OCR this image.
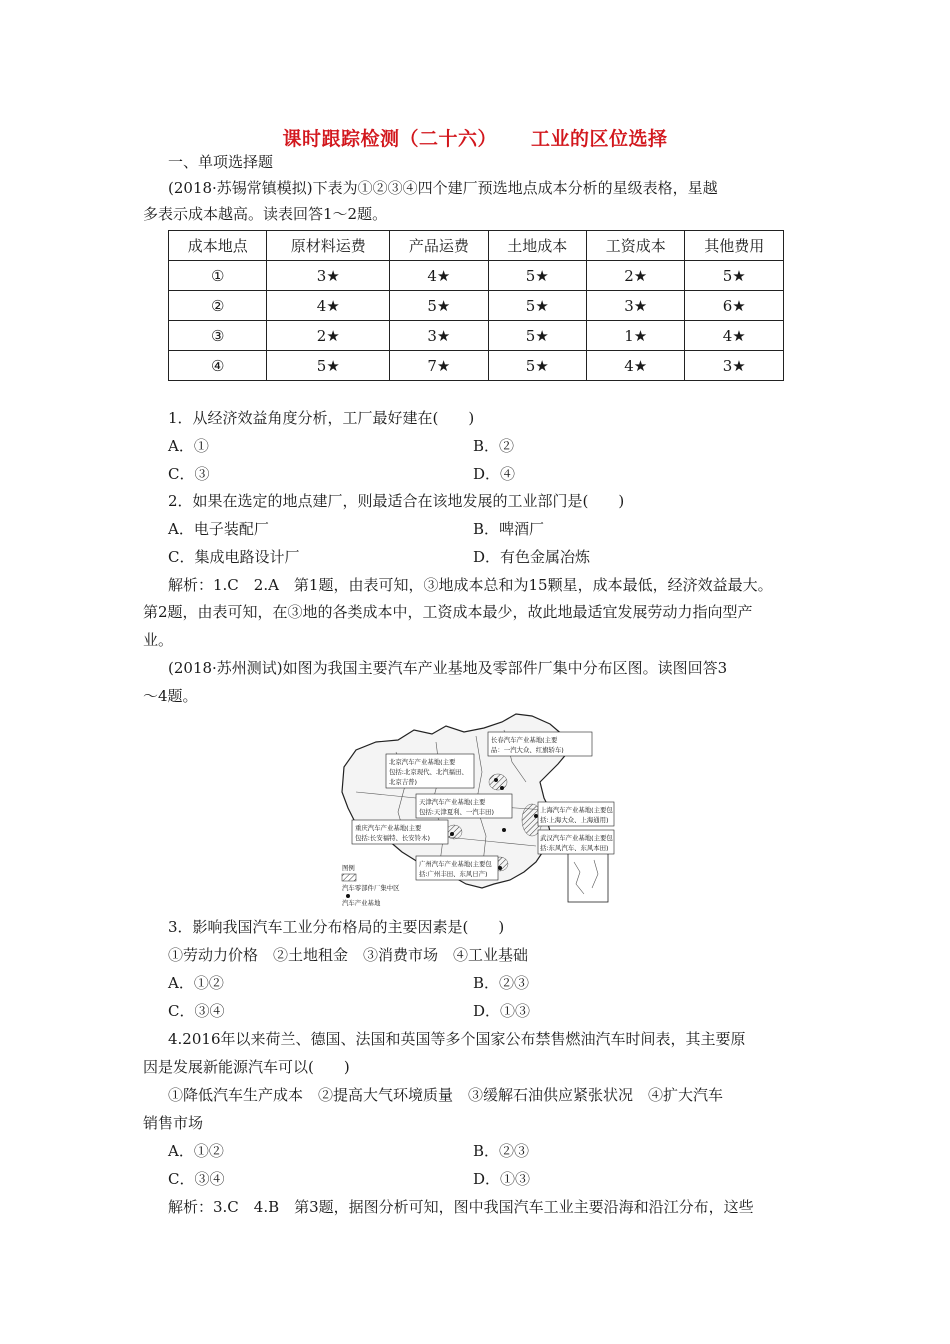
课时跟踪检测（二十六） 工业的区位选择
一、单项选择题
(2018·苏锡常镇模拟)下表为①②③④四个建厂预选地点成本分析的星级表格，星越
多表示成本越高。读表回答1～2题。
成本地点	原材料运费	产品运费	土地成本	工资成本	其他费用
①	3★	4★	5★	2★	5★
②	4★	5★	5★	3★	6★
③	2★	3★	5★	1★	4★
④	5★	7★	5★	4★	3★
1．从经济效益角度分析，工厂最好建在(　　)
A．①	B．②
C．③	D．④
2．如果在选定的地点建厂，则最适合在该地发展的工业部门是(　　)
A．电子装配厂	B．啤酒厂
C．集成电路设计厂	D．有色金属冶炼
解析：1.C　2.A　第1题，由表可知，③地成本总和为15颗星，成本最低，经济效益最大。
第2题，由表可知，在③地的各类成本中，工资成本最少，故此地最适宜发展劳动力指向型产
业。
(2018·苏州测试)如图为我国主要汽车产业基地及零部件厂集中分布区图。读图回答3
～4题。
长春汽车产业基地(主要
品：一汽大众、红旗轿车)
北京汽车产业基地(主要
包括:北京现代、北汽福田、
北京吉普)
天津汽车产业基地(主要
包括:天津夏利、一汽丰田)	上海汽车产业基地(主要包
括:上海大众、上海通用)
重庆汽车产业基地(主要
包括:长安福特、长安铃木)	武汉汽车产业基地(主要包
括:东风汽车、东风本田)
广州汽车产业基地(主要包
括:广州丰田、东风日产)
图例
汽车零部件厂集中区
汽车产业基地
3．影响我国汽车工业分布格局的主要因素是(　　)
①劳动力价格　②土地租金　③消费市场　④工业基础
A．①②	B．②③
C．③④	D．①③
4.2016年以来荷兰、德国、法国和英国等多个国家公布禁售燃油汽车时间表，其主要原
因是发展新能源汽车可以(　　)
①降低汽车生产成本　②提高大气环境质量　③缓解石油供应紧张状况　④扩大汽车
销售市场
A．①②	B．②③
C．③④	D．①③
解析：3.C　4.B　第3题，据图分析可知，图中我国汽车工业主要沿海和沿江分布，这些
